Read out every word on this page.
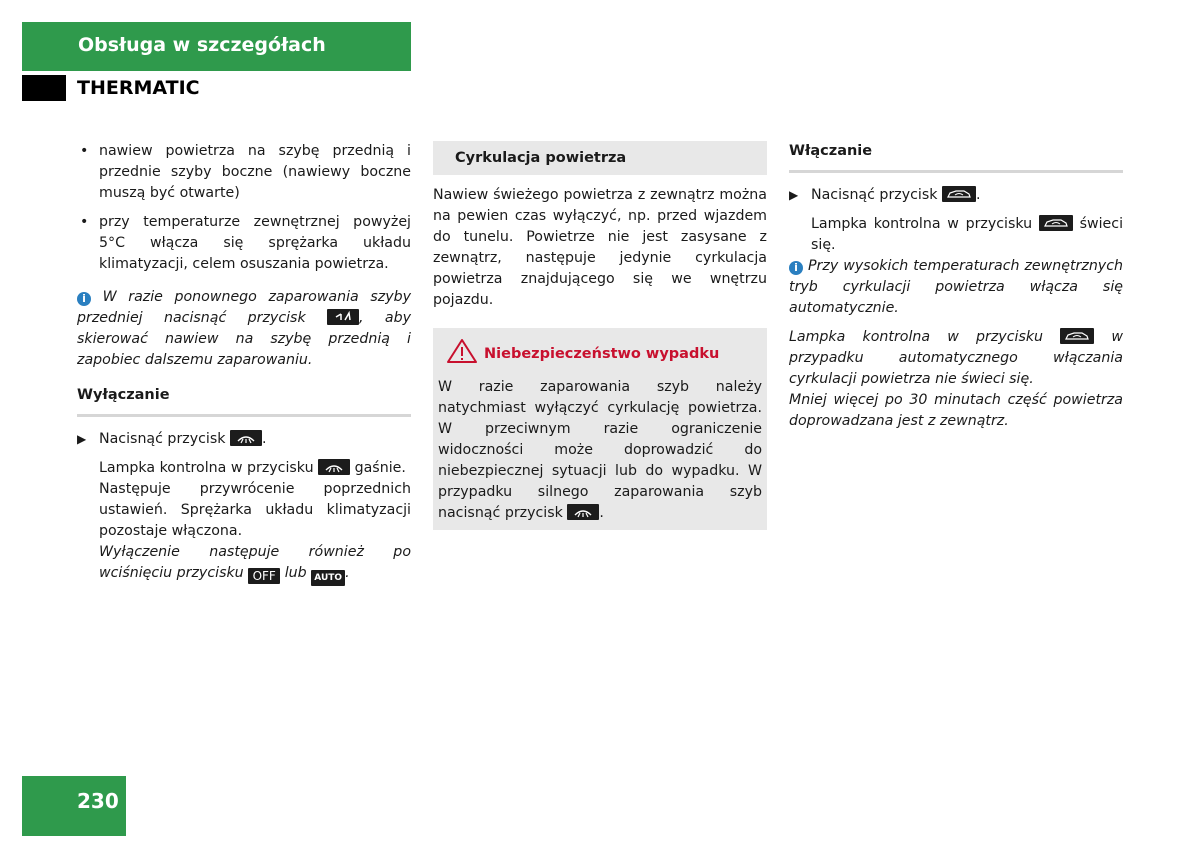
Obsługa w szczegółach
THERMATIC
• nawiew powietrza na szybę przednią i przednie szyby boczne (nawiewy boczne muszą być otwarte)

• przy temperaturze zewnętrznej powyżej 5°C włącza się sprężarka układu klimatyzacji, celem osuszania powietrza.

i W razie ponownego zaparowania szyby przedniej nacisnąć przycisk	, aby skierować nawiew na szybę przednią i zapobiec dalszemu zaparowaniu.

Wyłączanie
▶ Nacisnąć przycisk	.

Lampka kontrolna w przycisku	gaśnie.

Następuje przywrócenie poprzednich ustawień. Sprężarka układu klimatyzacji pozostaje włączona.

Wyłączenie następuje również po wciśnięciu przycisku OFF lub AUTO .

Cyrkulacja powietrza

Nawiew świeżego powietrza z zewnątrz można na pewien czas wyłączyć, np. przed wjazdem do tunelu. Powietrze nie jest zasysane z zewnątrz, następuje jedynie cyrkulacja powietrza znajdującego się we wnętrzu pojazdu.

Niebezpieczeństwo wypadku

W razie zaparowania szyb należy natychmiast wyłączyć cyrkulację powietrza. W przeciwnym razie ograniczenie widoczności może doprowadzić do niebezpiecznej sytuacji lub do wypadku. W przypadku silnego zaparowania szyb nacisnąć przycisk	.

Włączanie
▶ Nacisnąć przycisk	.

Lampka kontrolna w przycisku	świeci się.

i Przy wysokich temperaturach zewnętrznych tryb cyrkulacji powietrza włącza się automatycznie.

Lampka kontrolna w przycisku	w przypadku automatycznego włączania cyrkulacji powietrza nie świeci się.

Mniej więcej po 30 minutach część powietrza doprowadzana jest z zewnątrz.

230
